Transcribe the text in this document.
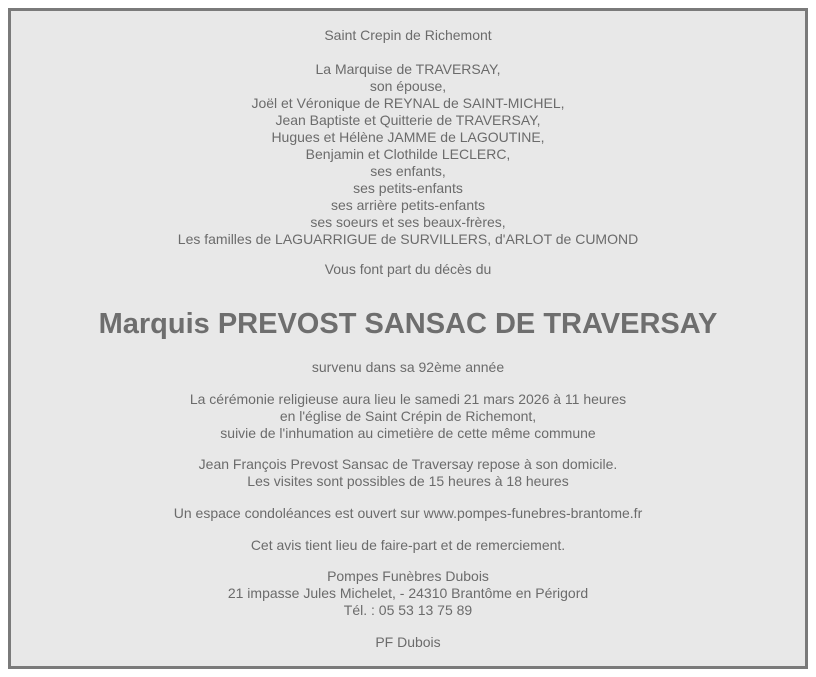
Saint Crepin de Richemont
La Marquise de TRAVERSAY,
son épouse,
Joël et Véronique de REYNAL de SAINT-MICHEL,
Jean Baptiste et Quitterie de TRAVERSAY,
Hugues et Hélène JAMME de LAGOUTINE,
Benjamin et Clothilde LECLERC,
ses enfants,
ses petits-enfants
ses arrière petits-enfants
ses soeurs et ses beaux-frères,
Les familles de LAGUARRIGUE de SURVILLERS, d'ARLOT de CUMOND
Vous font part du décès du
Marquis PREVOST SANSAC DE TRAVERSAY
survenu dans sa 92ème année
La cérémonie religieuse aura lieu le samedi 21 mars 2026 à 11 heures
en l'église de Saint Crépin de Richemont,
suivie de l'inhumation au cimetière de cette même commune
Jean François Prevost Sansac de Traversay repose à son domicile.
Les visites sont possibles de 15 heures à 18 heures
Un espace condoléances est ouvert sur www.pompes-funebres-brantome.fr
Cet avis tient lieu de faire-part et de remerciement.
Pompes Funèbres Dubois
21 impasse Jules Michelet, - 24310 Brantôme en Périgord
Tél. : 05 53 13 75 89
PF Dubois
